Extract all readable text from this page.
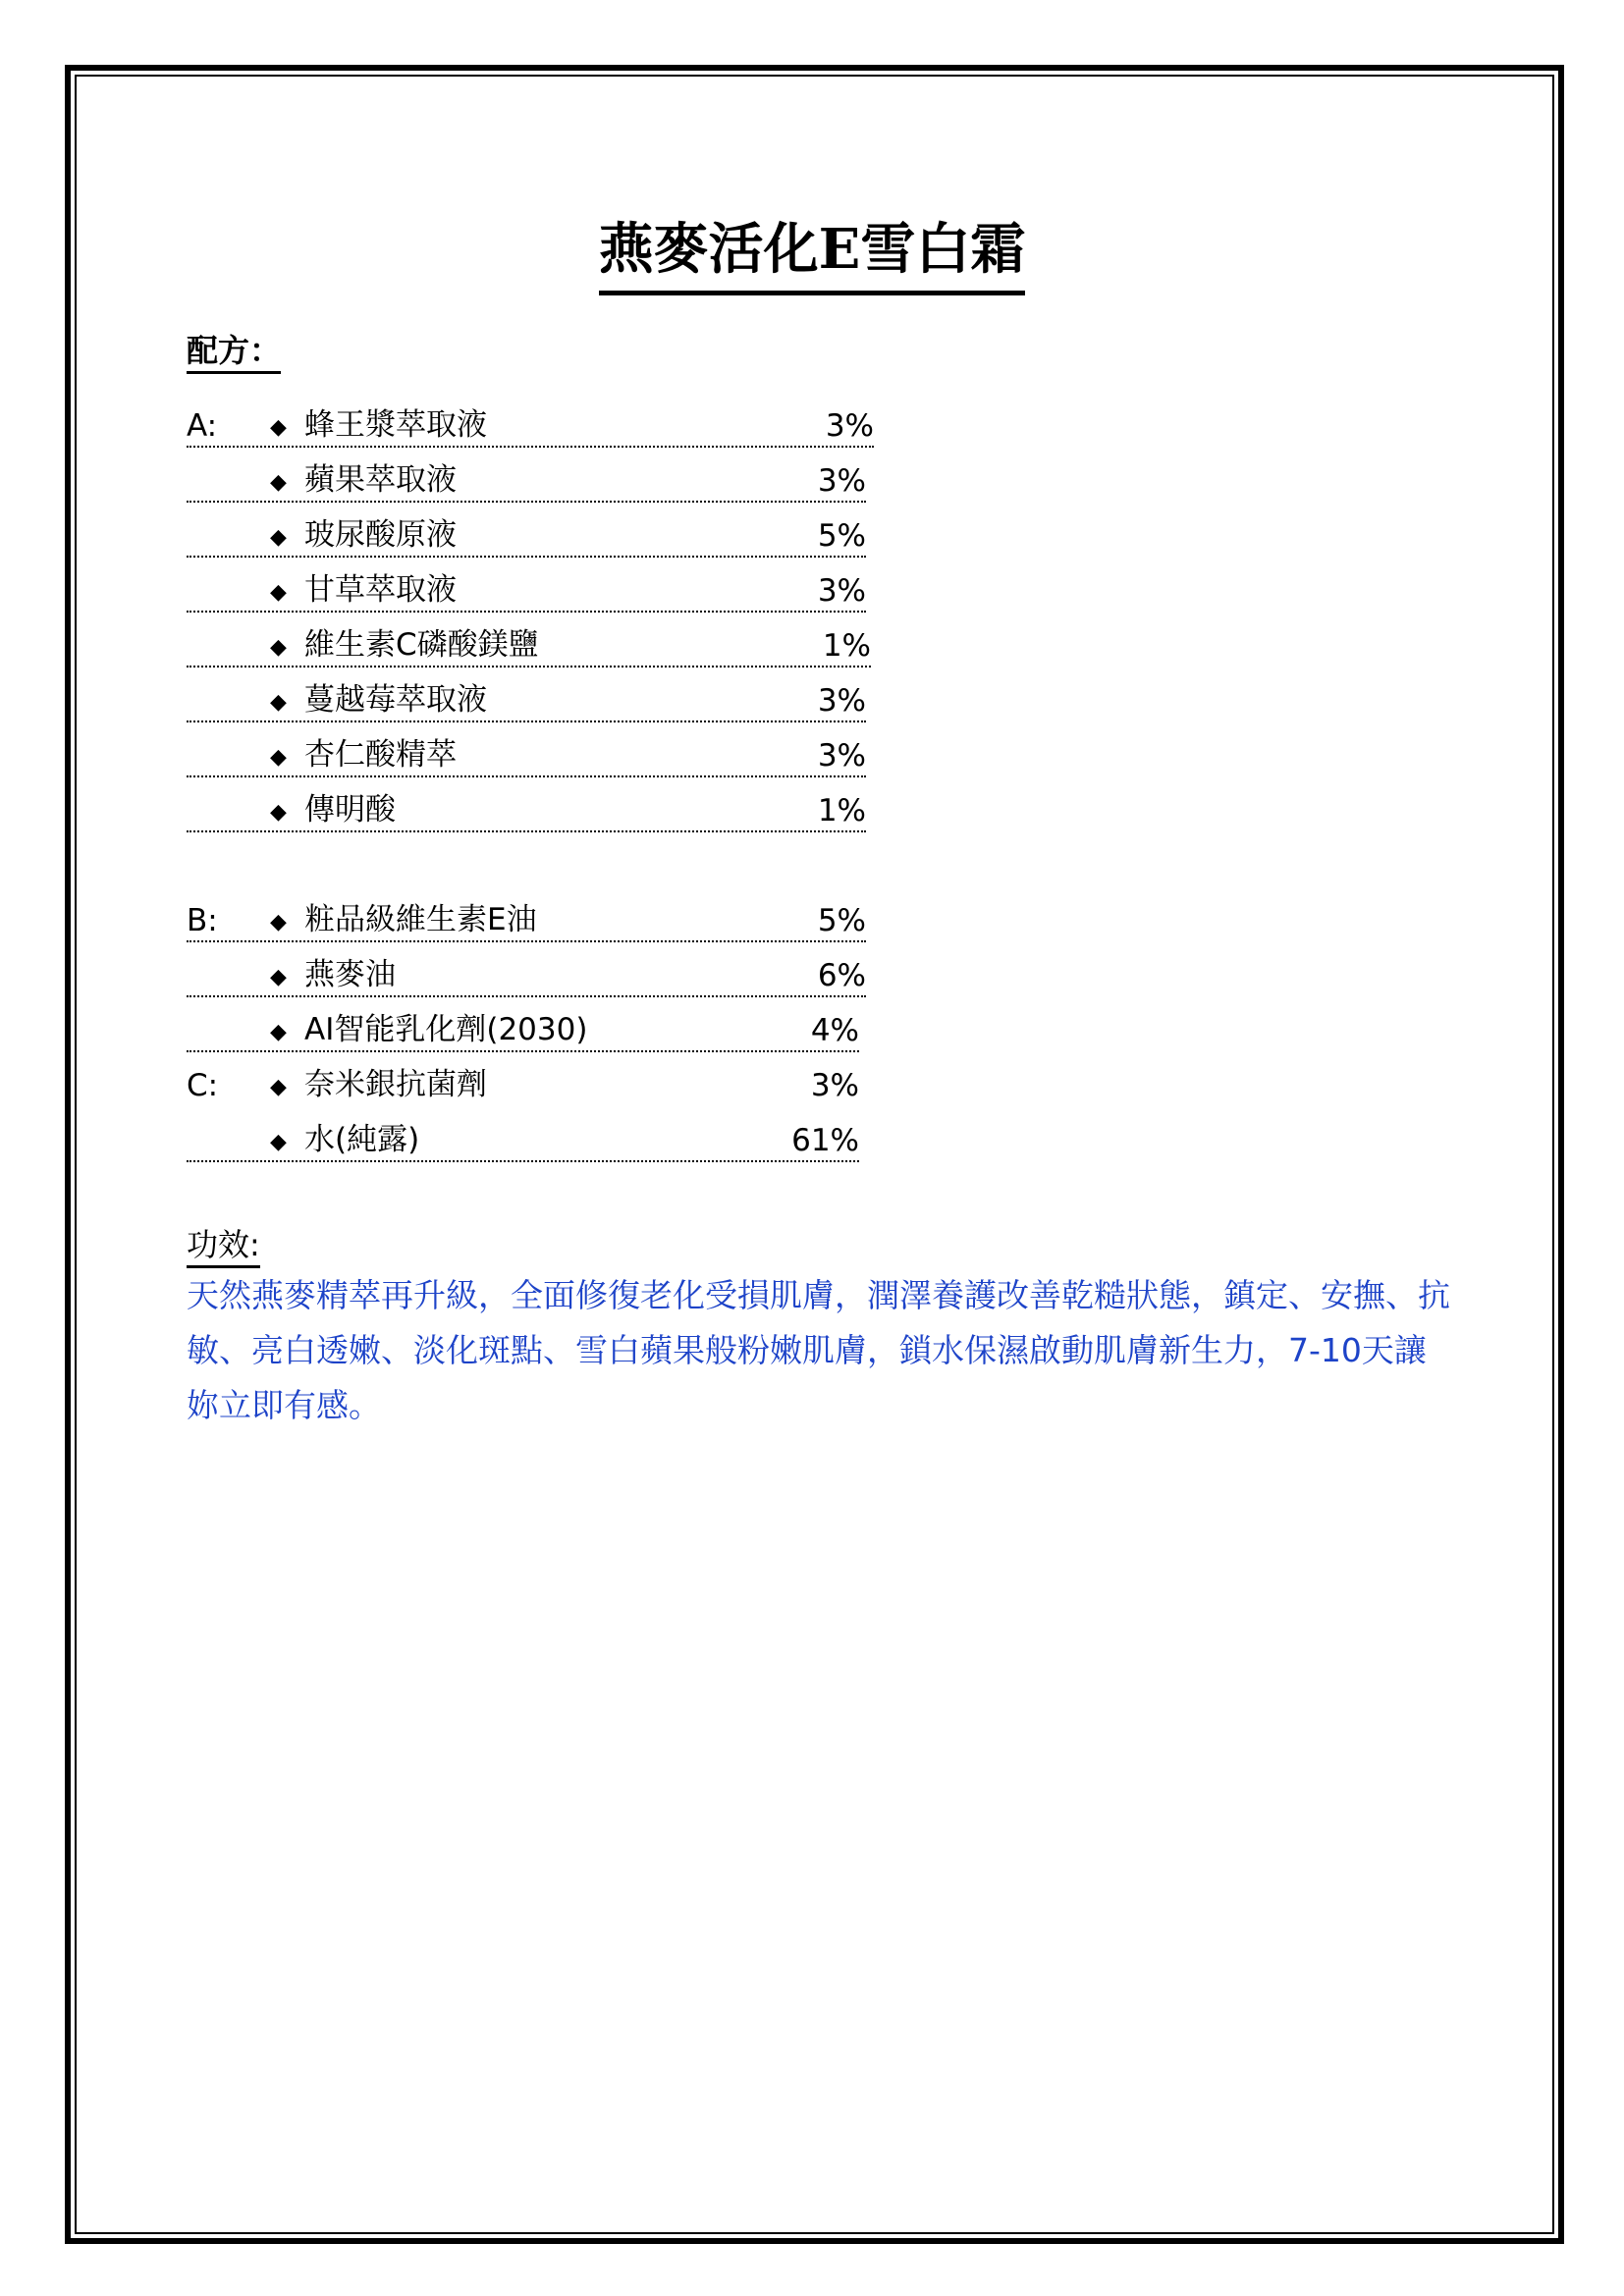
燕麥活化E雪白霜
配方：
A: ◆ 蜂王漿萃取液	3%
◆ 蘋果萃取液	3%
◆ 玻尿酸原液	5%
◆ 甘草萃取液	3%
◆ 維生素C磷酸鎂鹽	1%
◆ 蔓越莓萃取液	3%
◆ 杏仁酸精萃	3%
◆ 傳明酸	1%
B: ◆ 粧品級維生素E油	5%
◆ 燕麥油	6%
◆ AI智能乳化劑(2030)	4%
C: ◆ 奈米銀抗菌劑	3%
◆ 水(純露)	61%
功效:
天然燕麥精萃再升級，全面修復老化受損肌膚，潤澤養護改善乾糙狀態，鎮定、安撫、抗敏、亮白透嫩、淡化斑點、雪白蘋果般粉嫩肌膚，鎖水保濕啟動肌膚新生力，7-10天讓妳立即有感。
